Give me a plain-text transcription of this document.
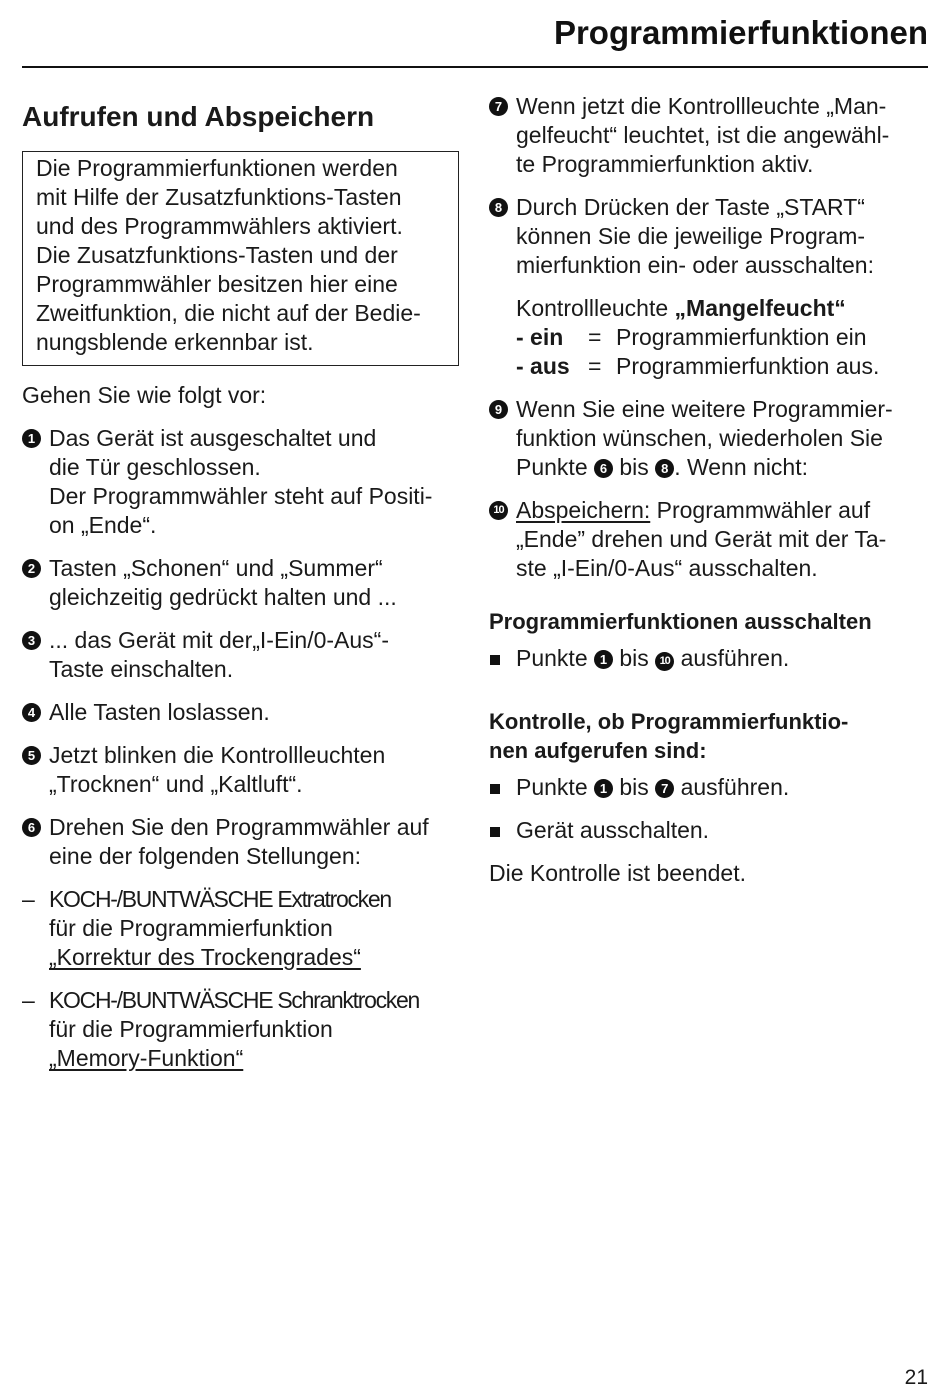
Programmierfunktionen
Aufrufen und Abspeichern

Die Programmierfunktionen werden

mit Hilfe der Zusatzfunktions-Tasten

und des Programmwählers aktiviert.

Die Zusatzfunktions-Tasten und der

Programmwähler besitzen hier eine

Zweitfunktion, die nicht auf der Bedie-

nungsblende erkennbar ist.

Gehen Sie wie folgt vor:

1 Das Gerät ist ausgeschaltet und

die Tür geschlossen.

Der Programmwähler steht auf Positi-

on „Ende“.

2 Tasten „Schonen“ und „Summer“

gleichzeitig gedrückt halten und ...

3 ... das Gerät mit der„I-Ein/0-Aus“-

Taste einschalten.

4 Alle Tasten loslassen.

5 Jetzt blinken die Kontrollleuchten

„Trocknen“ und „Kaltluft“.

6 Drehen Sie den Programmwähler auf

eine der folgenden Stellungen:

– KOCH-/BUNTWÄSCHE Extratrocken

für die Programmierfunktion

„Korrektur des Trockengrades“

– KOCH-/BUNTWÄSCHE Schranktrocken

für die Programmierfunktion

„Memory-Funktion“

7 Wenn jetzt die Kontrollleuchte „Man-

gelfeucht“ leuchtet, ist die angewähl-

te Programmierfunktion aktiv.

8 Durch Drücken der Taste „START“

können Sie die jeweilige Program-

mierfunktion ein- oder ausschalten:

Kontrollleuchte „Mangelfeucht“

- ein	= Programmierfunktion ein
- aus = Programmierfunktion aus.
9 Wenn Sie eine weitere Programmier-

funktion wünschen, wiederholen Sie

Punkte 6 bis 8 . Wenn nicht:

10 Abspeichern: Programmwähler auf

„Ende” drehen und Gerät mit der Ta-

ste „I-Ein/0-Aus“ ausschalten.

Programmierfunktionen ausschalten
Punkte 1 bis 10 ausführen.
Kontrolle, ob Programmierfunktio-
nen aufgerufen sind:
Punkte 1 bis 7 ausführen.
Gerät ausschalten.

Die Kontrolle ist beendet.

21
